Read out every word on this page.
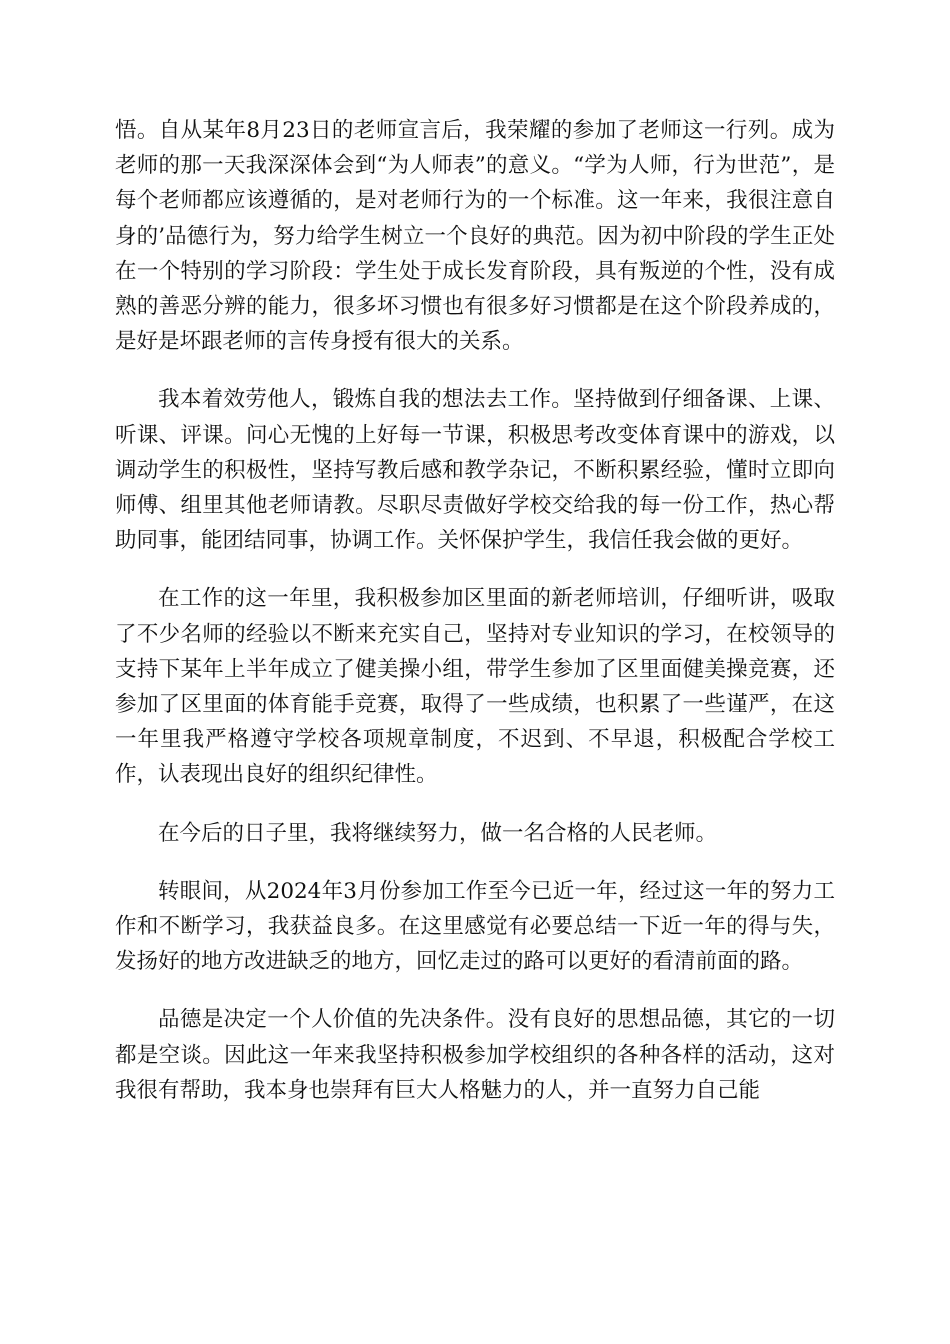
悟。自从某年8月23日的老师宣言后，我荣耀的参加了老师这一行列。成为老师的那一天我深深体会到“为人师表”的意义。“学为人师，行为世范”，是每个老师都应该遵循的，是对老师行为的一个标准。这一年来，我很注意自身的’品德行为，努力给学生树立一个良好的典范。因为初中阶段的学生正处在一个特别的学习阶段：学生处于成长发育阶段，具有叛逆的个性，没有成熟的善恶分辨的能力，很多坏习惯也有很多好习惯都是在这个阶段养成的，是好是坏跟老师的言传身授有很大的关系。

我本着效劳他人，锻炼自我的想法去工作。坚持做到仔细备课、上课、听课、评课。问心无愧的上好每一节课，积极思考改变体育课中的游戏，以调动学生的积极性，坚持写教后感和教学杂记，不断积累经验，懂时立即向师傅、组里其他老师请教。尽职尽责做好学校交给我的每一份工作，热心帮助同事，能团结同事，协调工作。关怀保护学生，我信任我会做的更好。

在工作的这一年里，我积极参加区里面的新老师培训，仔细听讲，吸取了不少名师的经验以不断来充实自己，坚持对专业知识的学习，在校领导的支持下某年上半年成立了健美操小组，带学生参加了区里面健美操竞赛，还参加了区里面的体育能手竞赛，取得了一些成绩，也积累了一些谨严，在这一年里我严格遵守学校各项规章制度，不迟到、不早退，积极配合学校工作，认表现出良好的组织纪律性。

在今后的日子里，我将继续努力，做一名合格的人民老师。

转眼间，从2024年3月份参加工作至今已近一年，经过这一年的努力工作和不断学习，我获益良多。在这里感觉有必要总结一下近一年的得与失，发扬好的地方改进缺乏的地方，回忆走过的路可以更好的看清前面的路。

品德是决定一个人价值的先决条件。没有良好的思想品德，其它的一切都是空谈。因此这一年来我坚持积极参加学校组织的各种各样的活动，这对我很有帮助，我本身也崇拜有巨大人格魅力的人，并一直努力自己能
